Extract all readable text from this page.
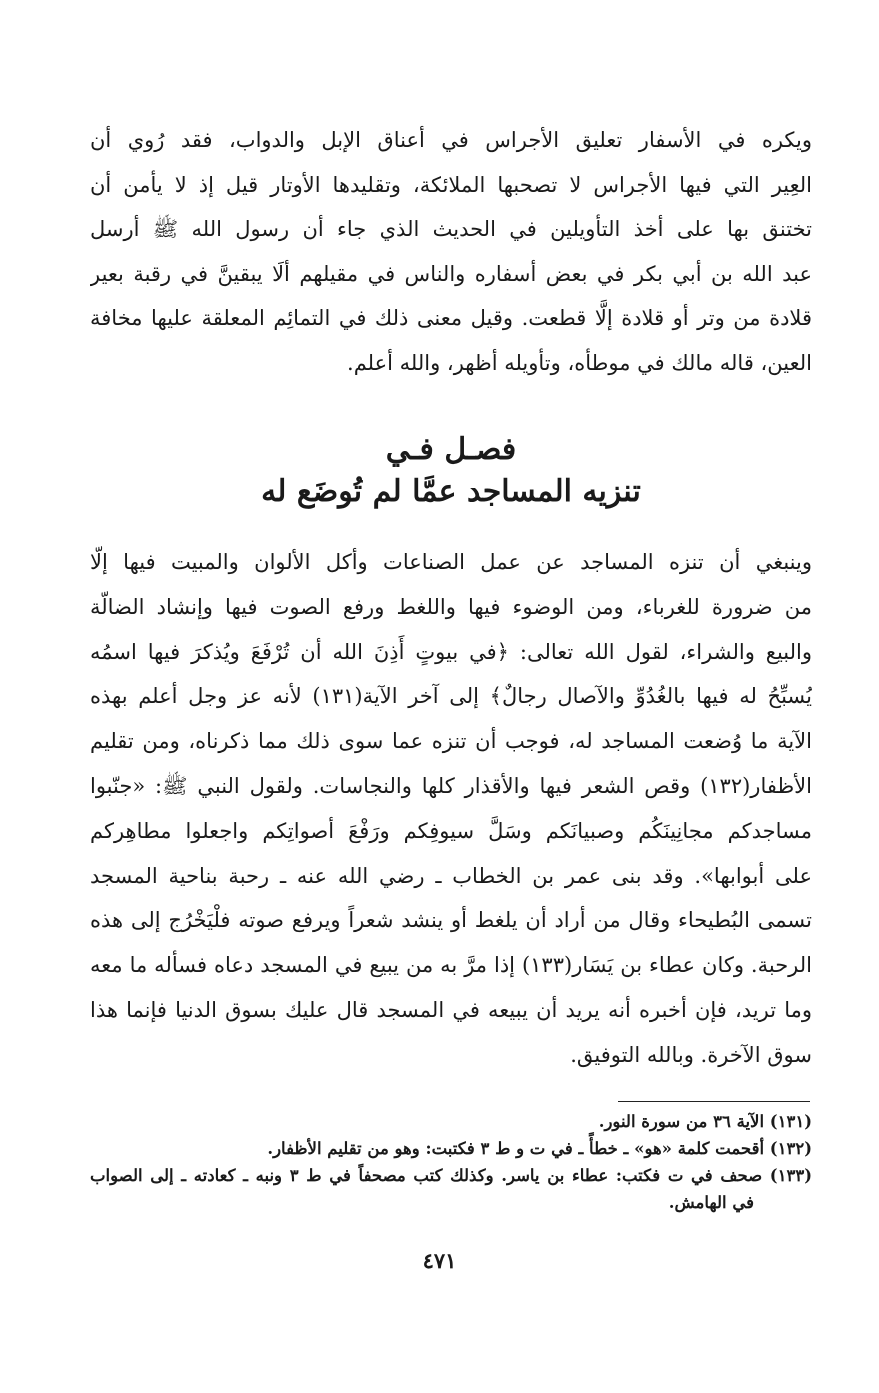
ويكره في الأسفار تعليق الأجراس في أعناق الإبل والدواب، فقد رُوي أن
العِير التي فيها الأجراس لا تصحبها الملائكة، وتقليدها الأوتار قيل إذ لا يأمن أن
تختنق بها على أخذ التأويلين في الحديث الذي جاء أن رسول الله ﷺ أرسل
عبد الله بن أبي بكر في بعض أسفاره والناس في مقيلهم ألَا يبقينَّ في رقبة بعير
قلادة من وتر أو قلادة إلَّا قطعت. وقيل معنى ذلك في التمائِم المعلقة عليها مخافة
العين، قاله مالك في موطأه، وتأويله أظهر، والله أعلم.
فصـل فـي
تنزيه المساجد عمَّا لم تُوضَع له
وينبغي أن تنزه المساجد عن عمل الصناعات وأكل الألوان والمبيت فيها إلّا
من ضرورة للغرباء، ومن الوضوء فيها واللغط ورفع الصوت فيها وإنشاد الضالّة
والبيع والشراء، لقول الله تعالى: ﴿في بيوتٍ أَذِنَ الله أن تُرْفَعَ ويُذكرَ فيها اسمُه
يُسبِّحُ له فيها بالغُدُوِّ والآصال رجالٌ﴾ إلى آخر الآية(١٣١) لأنه عز وجل أعلم بهذه
الآية ما وُضعت المساجد له، فوجب أن تنزه عما سوى ذلك مما ذكرناه، ومن تقليم
الأظفار(١٣٢) وقص الشعر فيها والأقذار كلها والنجاسات. ولقول النبي ﷺ: «جنّبوا
مساجدكم مجانِينَكُم وصبيانَكم وسَلَّ سيوفِكم ورَفْعَ أصواتِكم واجعلوا مطاهِركم
على أبوابها». وقد بنى عمر بن الخطاب ـ رضي الله عنه ـ رحبة بناحية المسجد
تسمى البُطيحاء وقال من أراد أن يلغط أو ينشد شعراً ويرفع صوته فلْيَخْرُج إلى هذه
الرحبة. وكان عطاء بن يَسَار(١٣٣) إذا مرَّ به من يبيع في المسجد دعاه فسأله ما معه
وما تريد، فإن أخبره أنه يريد أن يبيعه في المسجد قال عليك بسوق الدنيا فإنما هذا
سوق الآخرة. وبالله التوفيق.
(١٣١) الآية ٣٦ من سورة النور.
(١٣٢) أقحمت كلمة «هو» ـ خطأً ـ في ت و ط ٣ فكتبت: وهو من تقليم الأظفار.
(١٣٣) صحف في ت فكتب: عطاء بن ياسر. وكذلك كتب مصحفاً في ط ٣ ونبه ـ كعادته ـ إلى الصواب
في الهامش.
٤٧١
